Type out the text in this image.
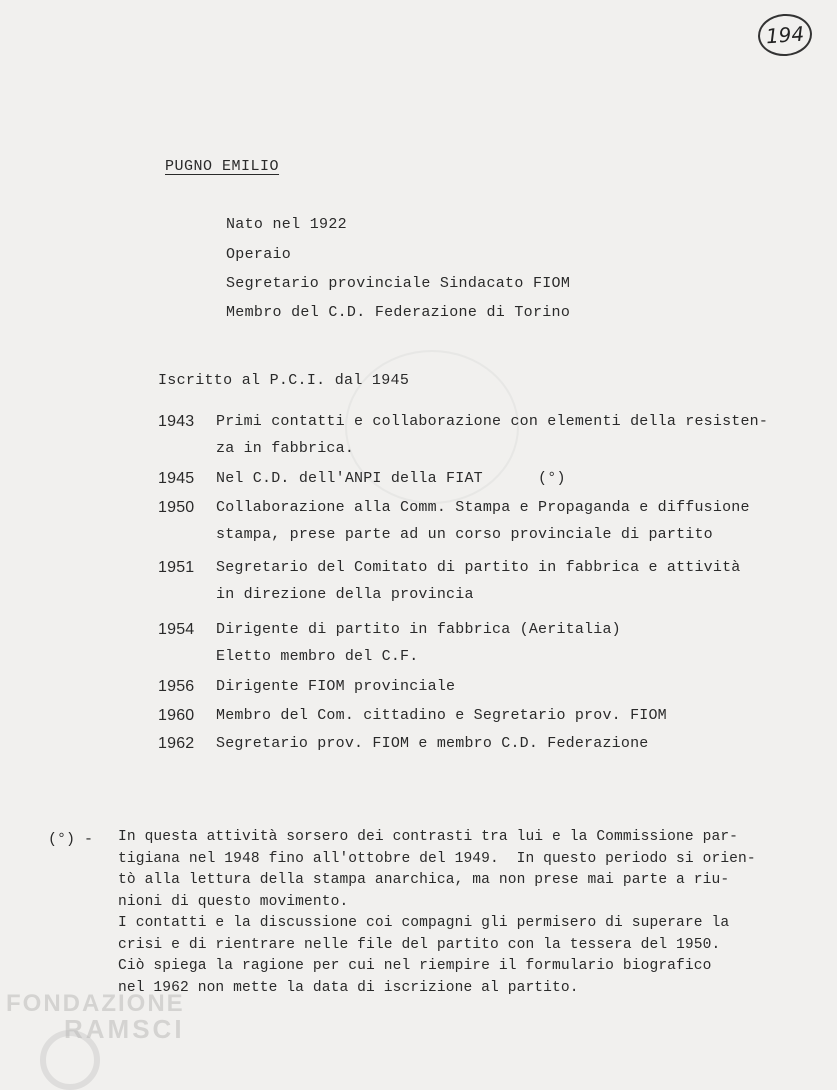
194
PUGNO EMILIO
Nato nel 1922
Operaio
Segretario provinciale Sindacato FIOM
Membro del C.D. Federazione di Torino
Iscritto al P.C.I. dal 1945
1943 Primi contatti e collaborazione con elementi della resisten-
za in fabbrica.
1945 Nel C.D. dell'ANPI della FIAT      (°)
1950 Collaborazione alla Comm. Stampa e Propaganda e diffusione
stampa, prese parte ad un corso provinciale di partito
1951 Segretario del Comitato di partito in fabbrica e attività
in direzione della provincia
1954 Dirigente di partito in fabbrica (Aeritalia)
Eletto membro del C.F.
1956 Dirigente FIOM provinciale
1960 Membro del Com. cittadino e Segretario prov. FIOM
1962 Segretario prov. FIOM e membro C.D. Federazione
(°) - In questa attività sorsero dei contrasti tra lui e la Commissione par-
tigiana nel 1948 fino all'ottobre del 1949.  In questo periodo si orien-
tò alla lettura della stampa anarchica, ma non prese mai parte a riu-
nioni di questo movimento.
I contatti e la discussione coi compagni gli permisero di superare la
crisi e di rientrare nelle file del partito con la tessera del 1950.
Ciò spiega la ragione per cui nel riempire il formulario biografico
nel 1962 non mette la data di iscrizione al partito.
FONDAZIONE
RAMSCI
